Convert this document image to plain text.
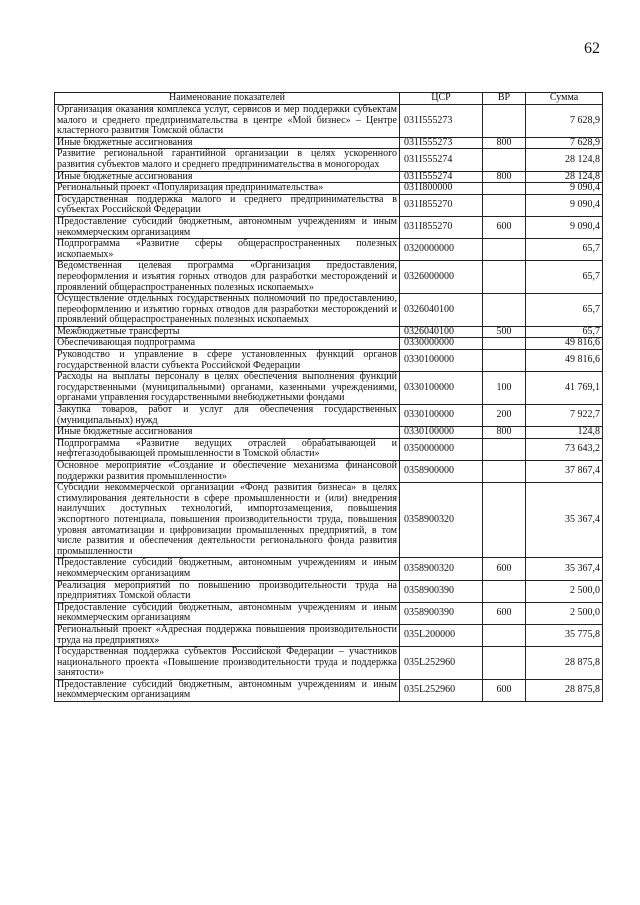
62
Наименование показателей	ЦСР	ВР	Сумма
Организация оказания комплекса услуг, сервисов и мер поддержки субъектам малого и среднего предпринимательства в центре «Мой бизнес» – Центре кластерного развития Томской области	031I555273		7 628,9
Иные бюджетные ассигнования	031I555273	800	7 628,9
Развитие региональной гарантийной организации в целях ускоренного развития субъектов малого и среднего предпринимательства в моногородах	031I555274		28 124,8
Иные бюджетные ассигнования	031I555274	800	28 124,8
Региональный проект «Популяризация предпринимательства»	031I800000		9 090,4
Государственная поддержка малого и среднего предпринимательства в субъектах Российской Федерации	031I855270		9 090,4
Предоставление субсидий бюджетным, автономным учреждениям и иным некоммерческим организациям	031I855270	600	9 090,4
Подпрограмма «Развитие сферы общераспространенных полезных ископаемых»	0320000000		65,7
Ведомственная целевая программа «Организация предоставления, переоформления и изъятия горных отводов для разработки месторождений и проявлений общераспространенных полезных ископаемых»	0326000000		65,7
Осуществление отдельных государственных полномочий по предоставлению, переоформлению и изъятию горных отводов для разработки месторождений и проявлений общераспространенных полезных ископаемых	0326040100		65,7
Межбюджетные трансферты	0326040100	500	65,7
Обеспечивающая подпрограмма	0330000000		49 816,6
Руководство и управление в сфере установленных функций органов государственной власти субъекта Российской Федерации	0330100000		49 816,6
Расходы на выплаты персоналу в целях обеспечения выполнения функций государственными (муниципальными) органами, казенными учреждениями, органами управления государственными внебюджетными фондами	0330100000	100	41 769,1
Закупка товаров, работ и услуг для обеспечения государственных (муниципальных) нужд	0330100000	200	7 922,7
Иные бюджетные ассигнования	0330100000	800	124,8
Подпрограмма «Развитие ведущих отраслей обрабатывающей и нефтегазодобывающей промышленности в Томской области»	0350000000		73 643,2
Основное мероприятие «Создание и обеспечение механизма финансовой поддержки развития промышленности»	0358900000		37 867,4
Субсидии некоммерческой организации «Фонд развития бизнеса» в целях стимулирования деятельности в сфере промышленности и (или) внедрения наилучших доступных технологий, импортозамещения, повышения экспортного потенциала, повышения производительности труда, повышения уровня автоматизации и цифровизации промышленных предприятий, в том числе развития и обеспечения деятельности регионального фонда развития промышленности	0358900320		35 367,4
Предоставление субсидий бюджетным, автономным учреждениям и иным некоммерческим организациям	0358900320	600	35 367,4
Реализация мероприятий по повышению производительности труда на предприятиях Томской области	0358900390		2 500,0
Предоставление субсидий бюджетным, автономным учреждениям и иным некоммерческим организациям	0358900390	600	2 500,0
Региональный проект «Адресная поддержка повышения производительности труда на предприятиях»	035L200000		35 775,8
Государственная поддержка субъектов Российской Федерации – участников национального проекта «Повышение производительности труда и поддержка занятости»	035L252960		28 875,8
Предоставление субсидий бюджетным, автономным учреждениям и иным некоммерческим организациям	035L252960	600	28 875,8
